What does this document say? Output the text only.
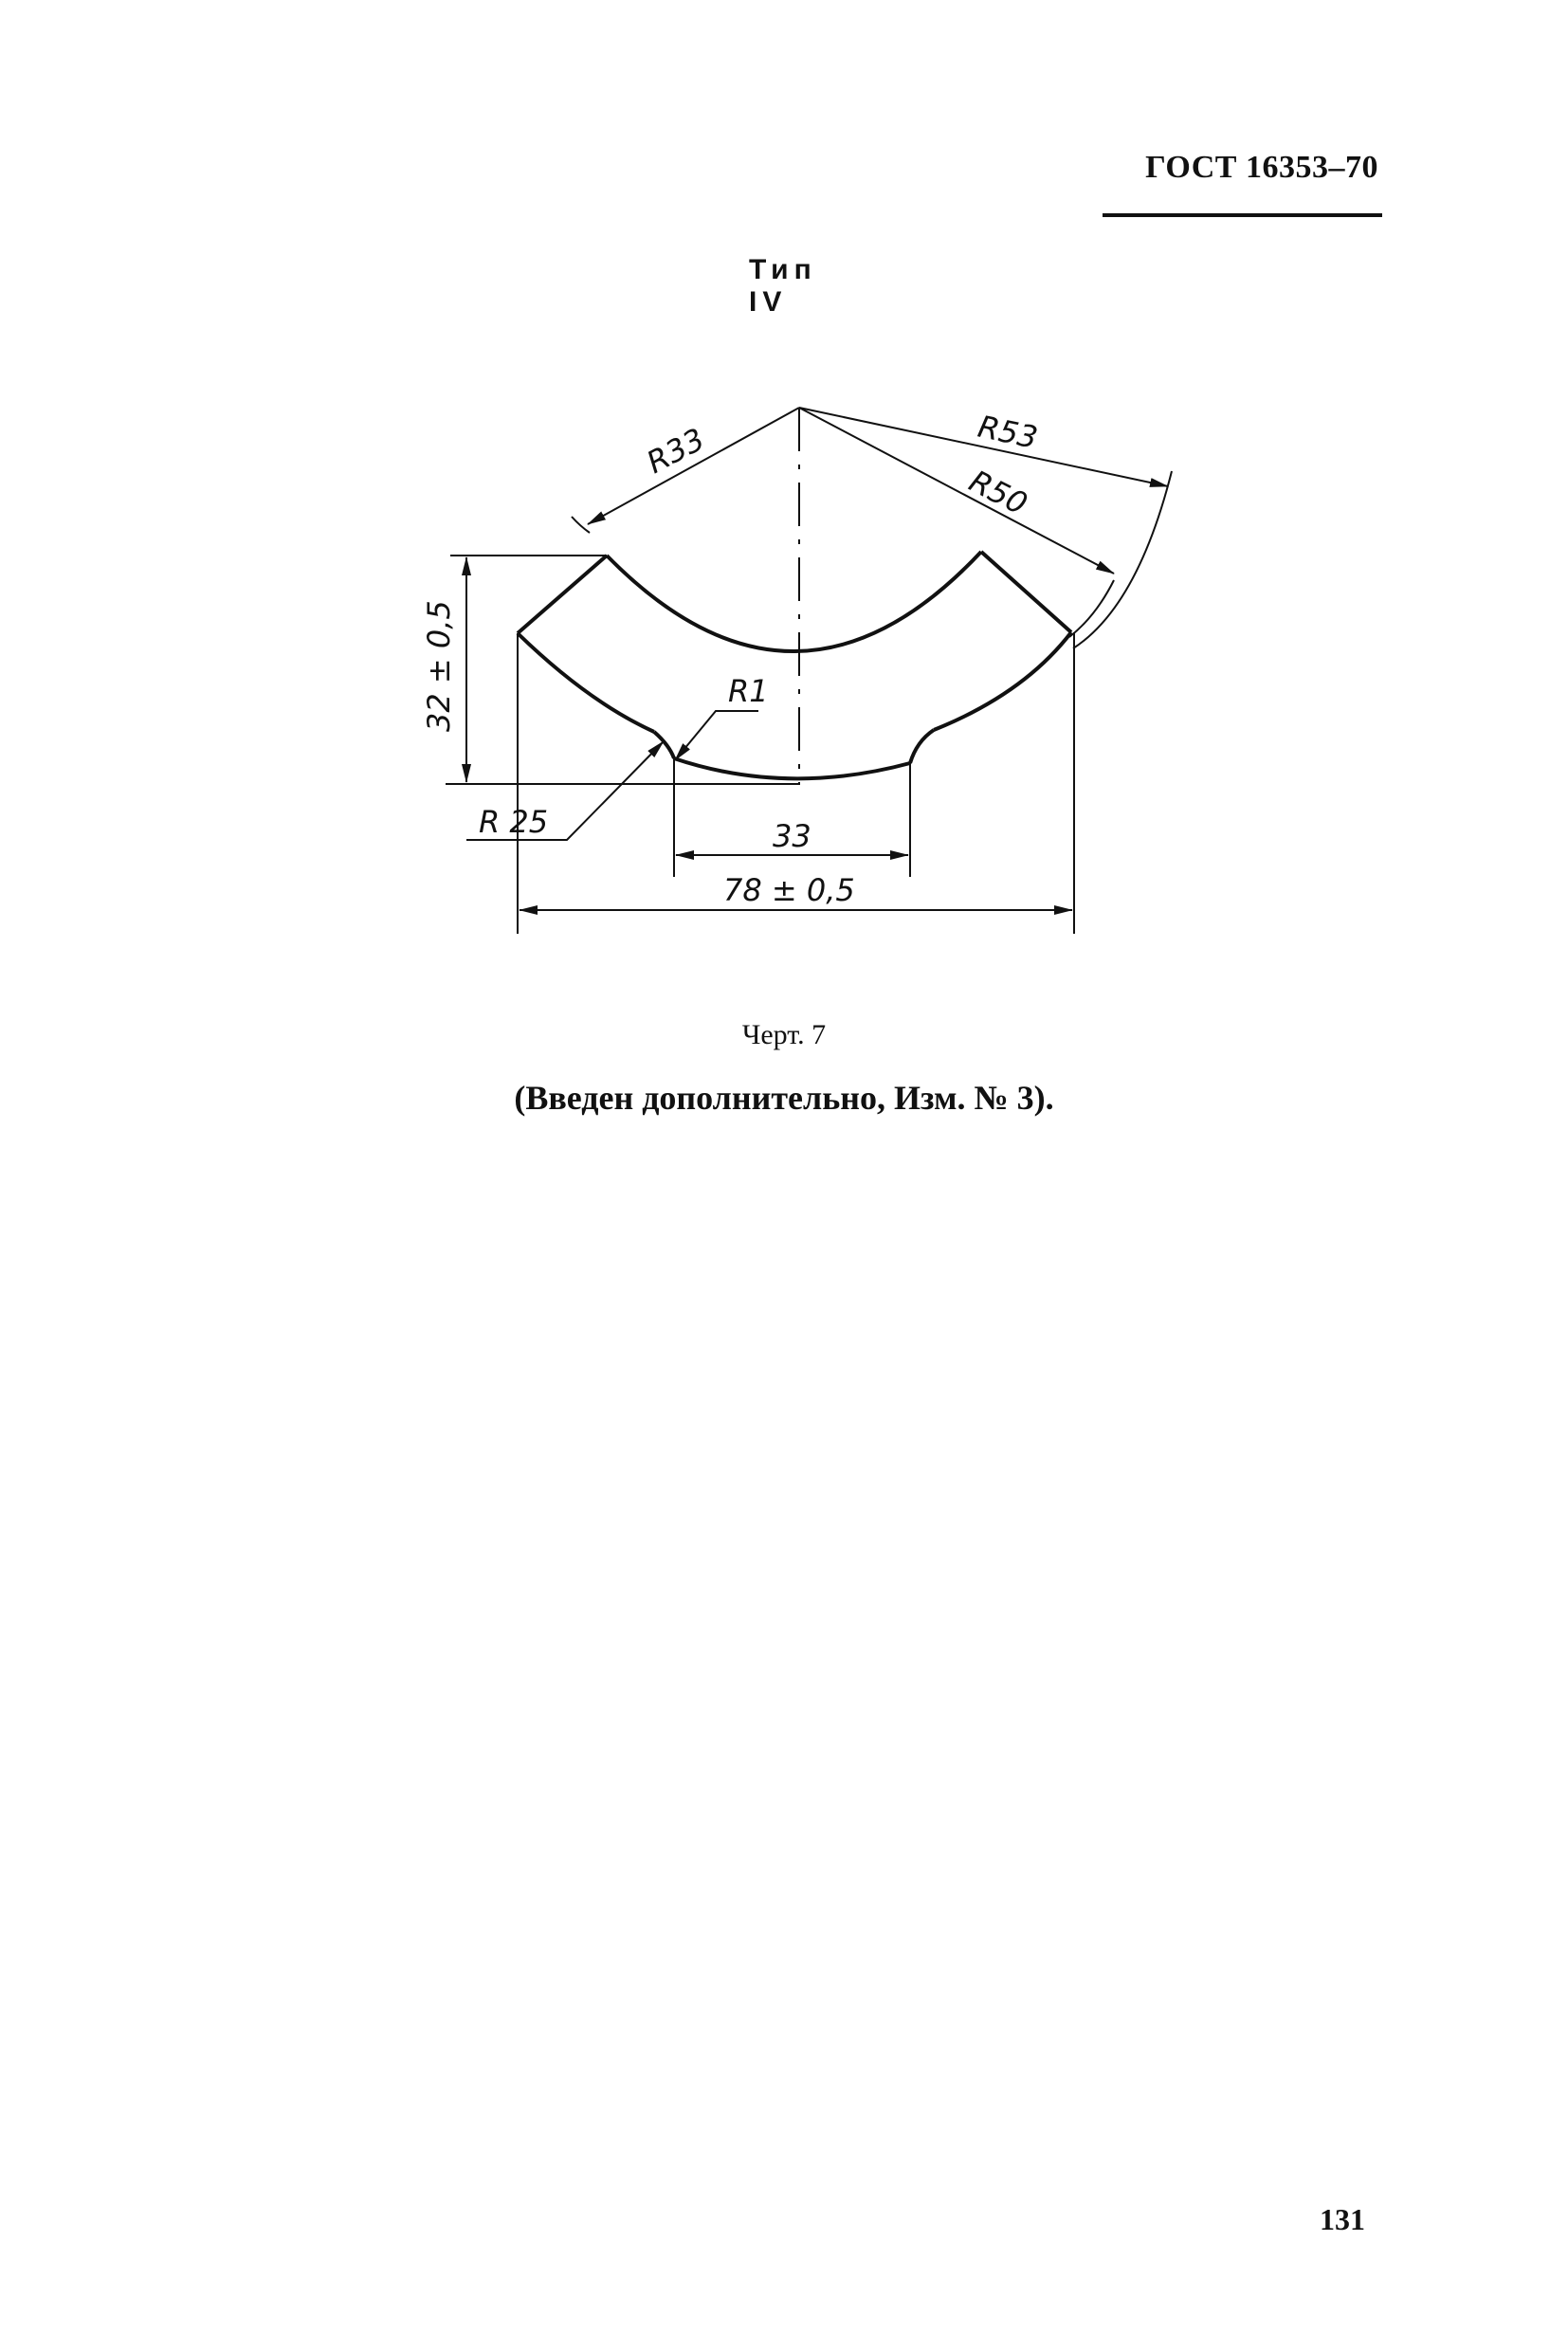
ГОСТ 16353–70
Тип IV
R33	R53
R50
R1
R 25
32 ± 0,5
33
78 ± 0,5
Черт. 7
(Введен дополнительно, Изм. № 3).
131
